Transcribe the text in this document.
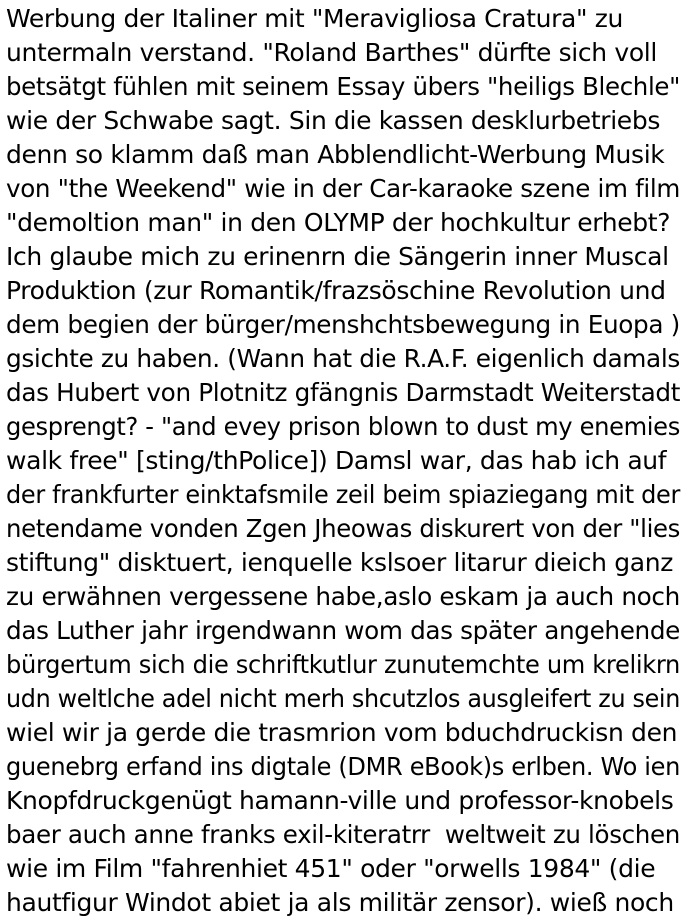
Werbung der Italiner mit "Meravigliosa Cratura" zu
untermaln verstand. "Roland Barthes" dürfte sich voll
betsätgt fühlen mit seinem Essay übers "heiligs Blechle"
wie der Schwabe sagt. Sin die kassen desklurbetriebs
denn so klamm daß man Abblendlicht-Werbung Musik
von "the Weekend" wie in der Car-karaoke szene im film
"demoltion man" in den OLYMP der hochkultur erhebt?
Ich glaube mich zu erinenrn die Sängerin inner Muscal
Produktion (zur Romantik/frazsöschine Revolution und
dem begien der bürger/menshchtsbewegung in Euopa )
gsichte zu haben. (Wann hat die R.A.F. eigenlich damals
das Hubert von Plotnitz gfängnis Darmstadt Weiterstadt
gesprengt? - "and evey prison blown to dust my enemies
walk free" [sting/thPolice]) Damsl war, das hab ich auf
der frankfurter einktafsmile zeil beim spiaziegang mit der
netendame vonden Zgen Jheowas diskurert von der "lies
stiftung" disktuert, ienquelle kslsoer litarur dieich ganz
zu erwähnen vergessene habe,aslo eskam ja auch noch
das Luther jahr irgendwann wom das später angehende
bürgertum sich die schriftkutlur zunutemchte um krelikrn
udn weltlche adel nicht merh shcutzlos ausgleifert zu sein
wiel wir ja gerde die trasmrion vom bduchdruckisn den
guenebrg erfand ins digtale (DMR eBook)s erlben. Wo ien
Knopfdruckgenügt hamann-ville und professor-knobels
baer auch anne franks exil-kiteratrr  weltweit zu löschen
wie im Film "fahrenhiet 451" oder "orwells 1984" (die
hautfigur Windot abiet ja als militär zensor). wieß noch
